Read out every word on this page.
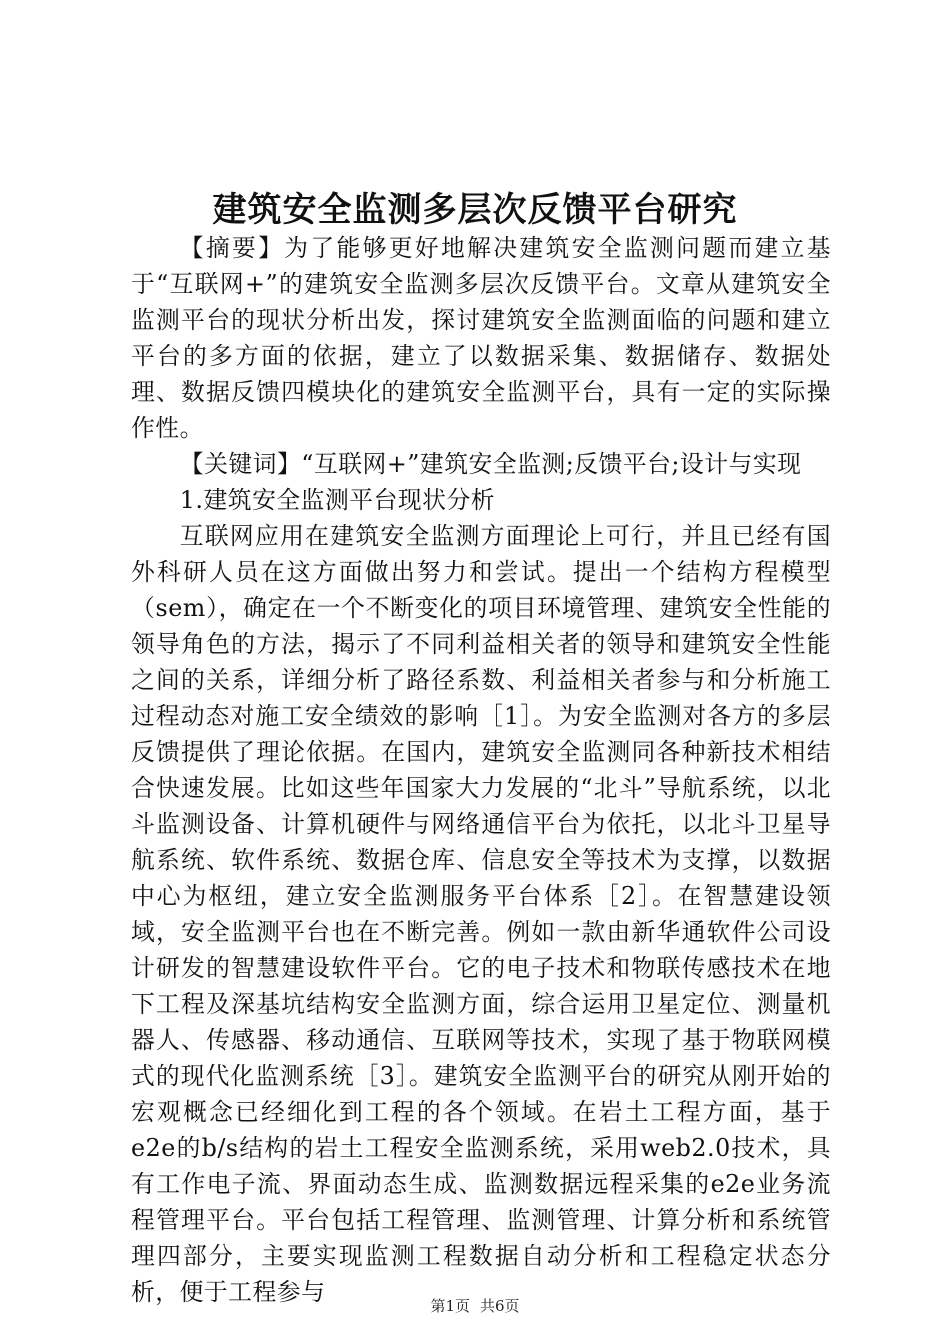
建筑安全监测多层次反馈平台研究

【摘要】为了能够更好地解决建筑安全监测问题而建立基于“互联网+”的建筑安全监测多层次反馈平台。文章从建筑安全监测平台的现状分析出发，探讨建筑安全监测面临的问题和建立平台的多方面的依据，建立了以数据采集、数据储存、数据处理、数据反馈四模块化的建筑安全监测平台，具有一定的实际操作性。

【关键词】“互联网+”建筑安全监测;反馈平台;设计与实现

1.建筑安全监测平台现状分析

互联网应用在建筑安全监测方面理论上可行，并且已经有国外科研人员在这方面做出努力和尝试。提出一个结构方程模型（sem），确定在一个不断变化的项目环境管理、建筑安全性能的领导角色的方法，揭示了不同利益相关者的领导和建筑安全性能之间的关系，详细分析了路径系数、利益相关者参与和分析施工过程动态对施工安全绩效的影响［1］。为安全监测对各方的多层反馈提供了理论依据。在国内，建筑安全监测同各种新技术相结合快速发展。比如这些年国家大力发展的“北斗”导航系统，以北斗监测设备、计算机硬件与网络通信平台为依托，以北斗卫星导航系统、软件系统、数据仓库、信息安全等技术为支撑，以数据中心为枢纽，建立安全监测服务平台体系［2］。在智慧建设领域，安全监测平台也在不断完善。例如一款由新华通软件公司设计研发的智慧建设软件平台。它的电子技术和物联传感技术在地下工程及深基坑结构安全监测方面，综合运用卫星定位、测量机器人、传感器、移动通信、互联网等技术，实现了基于物联网模式的现代化监测系统［3］。建筑安全监测平台的研究从刚开始的宏观概念已经细化到工程的各个领域。在岩土工程方面，基于e2e的b/s结构的岩土工程安全监测系统，采用web2.0技术，具有工作电子流、界面动态生成、监测数据远程采集的e2e业务流程管理平台。平台包括工程管理、监测管理、计算分析和系统管理四部分，主要实现监测工程数据自动分析和工程稳定状态分析，便于工程参与	第1页 共6页
